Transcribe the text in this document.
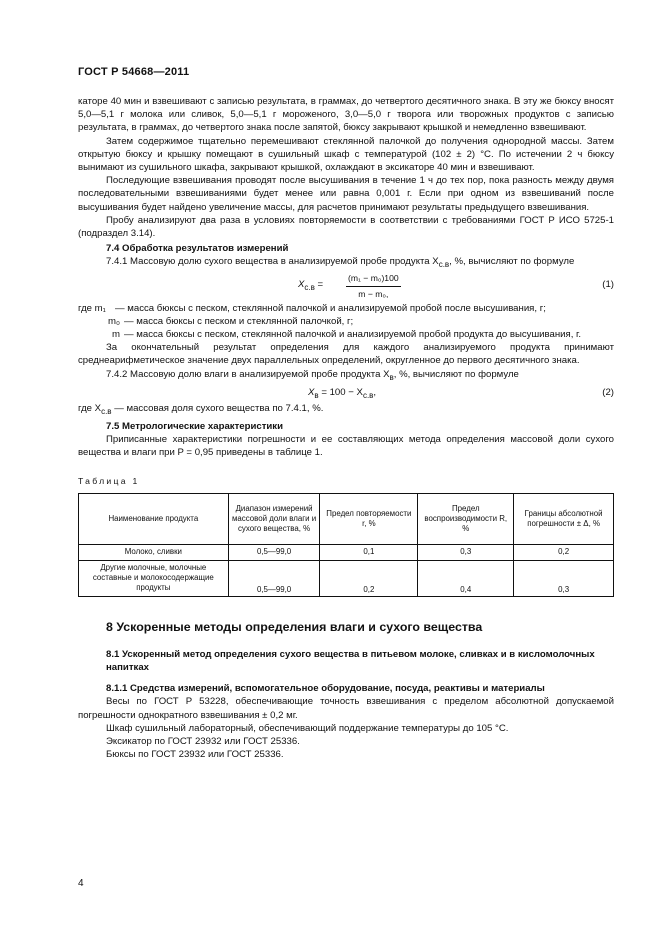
ГОСТ Р 54668—2011

каторе 40 мин и взвешивают с записью результата, в граммах, до четвертого десятичного знака. В эту же бюксу вносят 5,0—5,1 г молока или сливок, 5,0—5,1 г мороженого, 3,0—5,0 г творога или творожных продуктов с записью результата, в граммах, до четвертого знака после запятой, бюксу закрывают крышкой и немедленно взвешивают.

Затем содержимое тщательно перемешивают стеклянной палочкой до получения однородной массы. Затем открытую бюксу и крышку помещают в сушильный шкаф с температурой (102 ± 2) °С. По истечении 2 ч бюксу вынимают из сушильного шкафа, закрывают крышкой, охлаждают в эксикаторе 40 мин и взвешивают.

Последующие взвешивания проводят после высушивания в течение 1 ч до тех пор, пока разность между двумя последовательными взвешиваниями будет менее или равна 0,001 г. Если при одном из взвешиваний после высушивания будет найдено увеличение массы, для расчетов принимают результаты предыдущего взвешивания.

Пробу анализируют два раза в условиях повторяемости в соответствии с требованиями ГОСТ Р ИСО 5725-1 (подраздел 3.14).

7.4 Обработка результатов измерений

7.4.1 Массовую долю сухого вещества в анализируемой пробе продукта $X_{с.в}$, %, вычисляют по формуле

$X_{с.в}$ =	$\frac{\text{(m₁ − m₀)100}}{\text{m − m₀,}}$	(1)
где m₁ — масса бюксы с песком, стеклянной палочкой и анализируемой пробой после высушивания, г;
m₀ — масса бюксы с песком и стеклянной палочкой, г;
m — масса бюксы с песком, стеклянной палочкой и анализируемой пробой продукта до высушивания, г.

За окончательный результат определения для каждого анализируемого продукта принимают среднеарифметическое значение двух параллельных определений, округленное до первого десятичного знака.

7.4.2 Массовую долю влаги в анализируемой пробе продукта $X_в$, %, вычисляют по формуле

$X_в = 100 - X_{с.в}$,	(2)

где $X_{с.в}$ — массовая доля сухого вещества по 7.4.1, %.

7.5 Метрологические характеристики

Приписанные характеристики погрешности и ее составляющих метода определения массовой доли сухого вещества и влаги при P = 0,95 приведены в таблице 1.

Таблица 1
Наименование продукта	Диапазон измерений массовой доли влаги и сухого вещества, %	Предел повторяемости r, %	Предел воспроизводимости R, %	Границы абсолютной погрешности ± Δ, %
Молоко, сливки	0,5—99,0	0,1	0,3	0,2
Другие молочные, молочные составные и молокосодержащие продукты	0,5—99,0	0,2	0,4	0,3
8 Ускоренные методы определения влаги и сухого вещества
8.1 Ускоренный метод определения сухого вещества в питьевом молоке, сливках и в кисломолочных напитках
8.1.1 Средства измерений, вспомогательное оборудование, посуда, реактивы и материалы

Весы по ГОСТ Р 53228, обеспечивающие точность взвешивания с пределом абсолютной допускаемой погрешности однократного взвешивания ± 0,2 мг.

Шкаф сушильный лабораторный, обеспечивающий поддержание температуры до 105 °С.

Эксикатор по ГОСТ 23932 или ГОСТ 25336.

Бюксы по ГОСТ 23932 или ГОСТ 25336.

4
